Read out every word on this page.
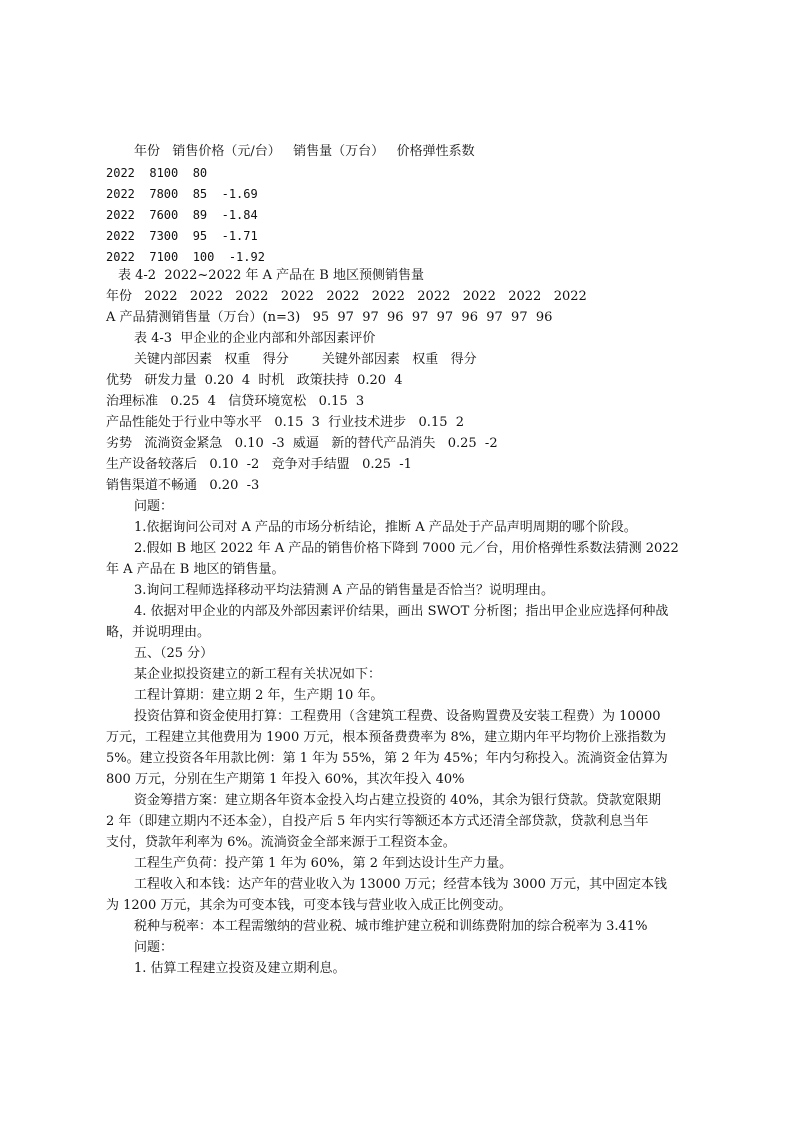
年份   销售价格（元/台）   销售量（万台）   价格弹性系数
2022  8100  80
2022  7800  85  -1.69
2022  7600  89  -1.84
2022  7300  95  -1.71
2022  7100  100  -1.92
表 4-2  2022~2022 年 A 产品在 B 地区预侧销售量
年份   2022   2022   2022   2022   2022   2022   2022   2022   2022   2022
A 产品猜测销售量（万台）(n=3)   95  97  97  96  97  97  96  97  97  96
表 4-3  甲企业的企业内部和外部因素评价
关键内部因素   权重   得分        关键外部因素   权重   得分
优势   研发力量  0.20  4  时机   政策扶持  0.20  4
治理标准   0.25  4   信贷环境宽松   0.15  3
产品性能处于行业中等水平   0.15  3  行业技术进步   0.15  2
劣势   流淌资金紧急   0.10  -3  威逼   新的替代产品消失   0.25  -2
生产设备较落后   0.10  -2   竞争对手结盟   0.25  -1
销售渠道不畅通   0.20  -3
问题：
1.依据询问公司对 A 产品的市场分析结论，推断 A 产品处于产品声明周期的哪个阶段。
2.假如 B 地区 2022 年 A 产品的销售价格下降到 7000 元／台，用价格弹性系数法猜测 2022
年 A 产品在 B 地区的销售量。
3.询问工程师选择移动平均法猜测 A 产品的销售量是否恰当？说明理由。
4. 依据对甲企业的内部及外部因素评价结果，画出 SWOT 分析图；指出甲企业应选择何种战
略，并说明理由。
五、（25 分）
某企业拟投资建立的新工程有关状况如下：
工程计算期：建立期 2 年，生产期 10 年。
投资估算和资金使用打算：工程费用（含建筑工程费、设备购置费及安装工程费）为 10000
万元，工程建立其他费用为 1900 万元，根本预备费费率为 8%，建立期内年平均物价上涨指数为
5%。建立投资各年用款比例：第 1 年为 55%，第 2 年为 45%；年内匀称投入。流淌资金估算为
800 万元，分别在生产期第 1 年投入 60%，其次年投入 40%
资金筹措方案：建立期各年资本金投入均占建立投资的 40%，其余为银行贷款。贷款宽限期
2 年（即建立期内不还本金），自投产后 5 年内实行等额还本方式还清全部贷款，贷款利息当年
支付，贷款年利率为 6%。流淌资金全部来源于工程资本金。
工程生产负荷：投产第 1 年为 60%，第 2 年到达设计生产力量。
工程收入和本钱：达产年的营业收入为 13000 万元；经营本钱为 3000 万元，其中固定本钱
为 1200 万元，其余为可变本钱，可变本钱与营业收入成正比例变动。
税种与税率：本工程需缴纳的营业税、城市维护建立税和训练费附加的综合税率为 3.41%
问题：
1. 估算工程建立投资及建立期利息。
